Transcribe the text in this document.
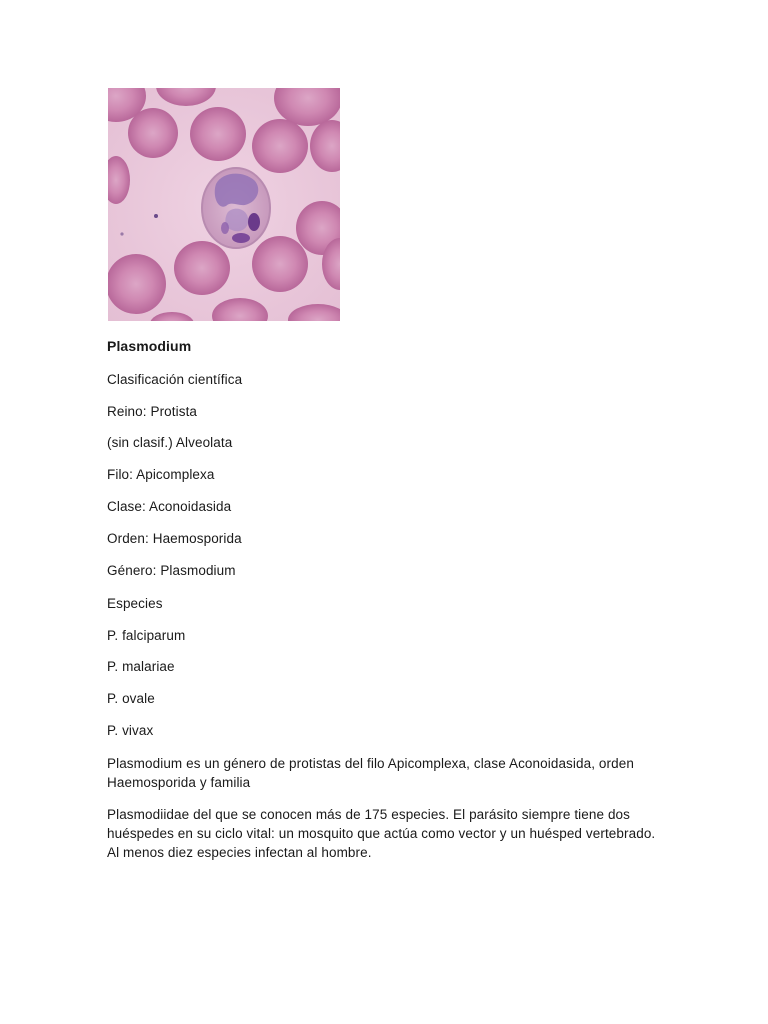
Plasmodium
Clasificación científica
Reino: Protista
(sin clasif.) Alveolata
Filo: Apicomplexa
Clase: Aconoidasida
Orden: Haemosporida
Género: Plasmodium
Especies
P. falciparum
P. malariae
P. ovale
P. vivax
Plasmodium es un género de protistas del filo Apicomplexa, clase Aconoidasida, orden Haemosporida y familia
Plasmodiidae del que se conocen más de 175 especies. El parásito siempre tiene dos huéspedes en su ciclo vital: un mosquito que actúa como vector y un huésped vertebrado. Al menos diez especies infectan al hombre.
